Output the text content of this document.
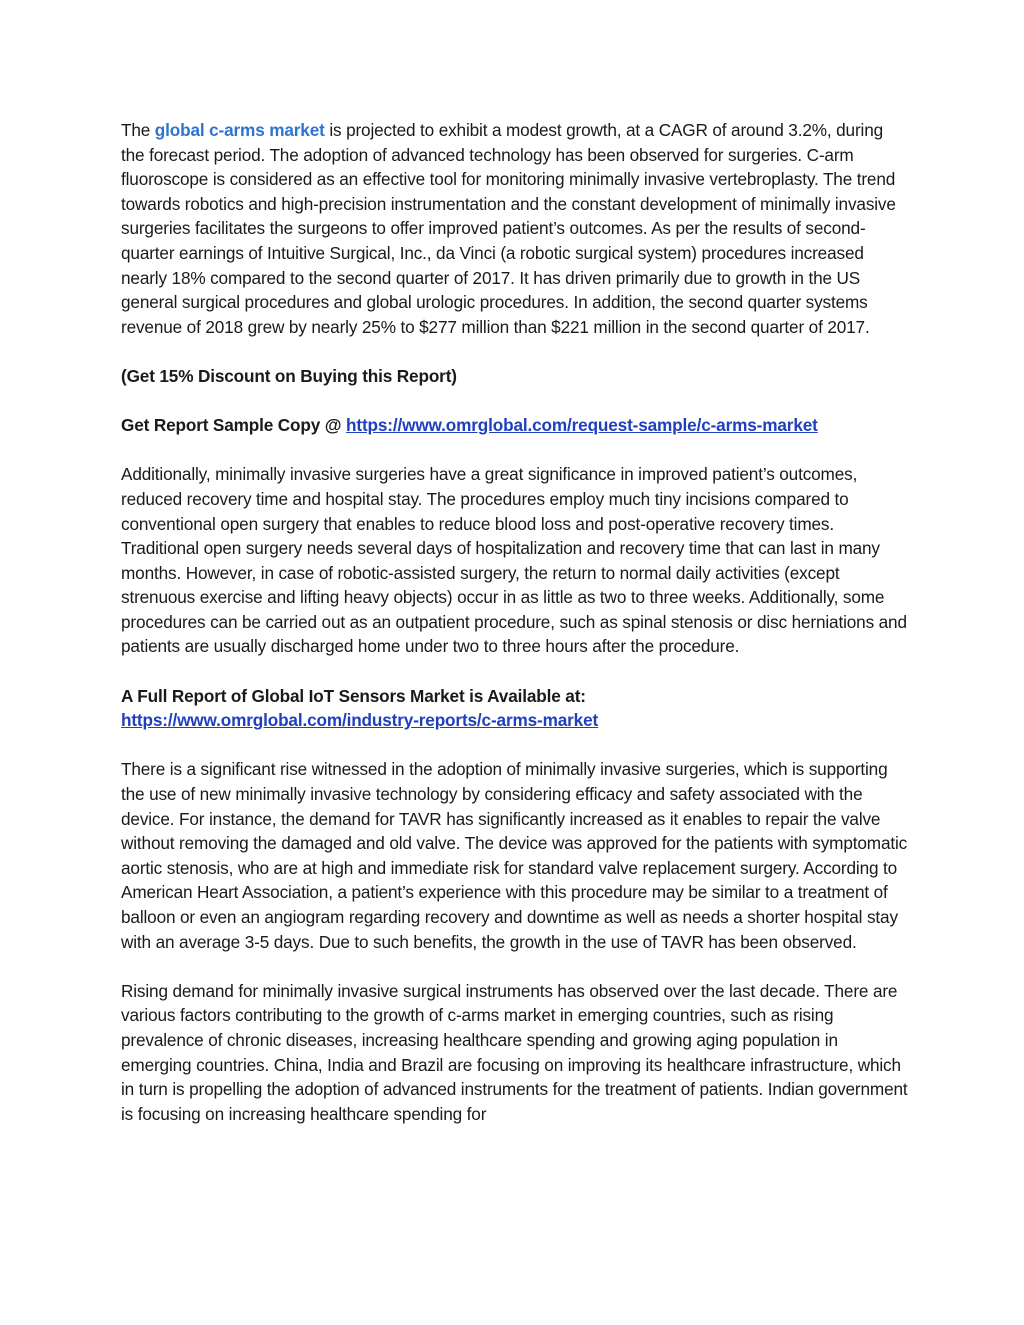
The global c-arms market is projected to exhibit a modest growth, at a CAGR of around 3.2%, during the forecast period. The adoption of advanced technology has been observed for surgeries. C-arm fluoroscope is considered as an effective tool for monitoring minimally invasive vertebroplasty. The trend towards robotics and high-precision instrumentation and the constant development of minimally invasive surgeries facilitates the surgeons to offer improved patient’s outcomes. As per the results of second-quarter earnings of Intuitive Surgical, Inc., da Vinci (a robotic surgical system) procedures increased nearly 18% compared to the second quarter of 2017. It has driven primarily due to growth in the US general surgical procedures and global urologic procedures. In addition, the second quarter systems revenue of 2018 grew by nearly 25% to $277 million than $221 million in the second quarter of 2017.

(Get 15% Discount on Buying this Report)

Get Report Sample Copy @ https://www.omrglobal.com/request-sample/c-arms-market

Additionally, minimally invasive surgeries have a great significance in improved patient’s outcomes, reduced recovery time and hospital stay. The procedures employ much tiny incisions compared to conventional open surgery that enables to reduce blood loss and post-operative recovery times. Traditional open surgery needs several days of hospitalization and recovery time that can last in many months. However, in case of robotic-assisted surgery, the return to normal daily activities (except strenuous exercise and lifting heavy objects) occur in as little as two to three weeks. Additionally, some procedures can be carried out as an outpatient procedure, such as spinal stenosis or disc herniations and patients are usually discharged home under two to three hours after the procedure.

A Full Report of Global IoT Sensors Market is Available at:
https://www.omrglobal.com/industry-reports/c-arms-market

There is a significant rise witnessed in the adoption of minimally invasive surgeries, which is supporting the use of new minimally invasive technology by considering efficacy and safety associated with the device. For instance, the demand for TAVR has significantly increased as it enables to repair the valve without removing the damaged and old valve. The device was approved for the patients with symptomatic aortic stenosis, who are at high and immediate risk for standard valve replacement surgery. According to American Heart Association, a patient’s experience with this procedure may be similar to a treatment of balloon or even an angiogram regarding recovery and downtime as well as needs a shorter hospital stay with an average 3-5 days. Due to such benefits, the growth in the use of TAVR has been observed.

Rising demand for minimally invasive surgical instruments has observed over the last decade. There are various factors contributing to the growth of c-arms market in emerging countries, such as rising prevalence of chronic diseases, increasing healthcare spending and growing aging population in emerging countries. China, India and Brazil are focusing on improving its healthcare infrastructure, which in turn is propelling the adoption of advanced instruments for the treatment of patients. Indian government is focusing on increasing healthcare spending for
